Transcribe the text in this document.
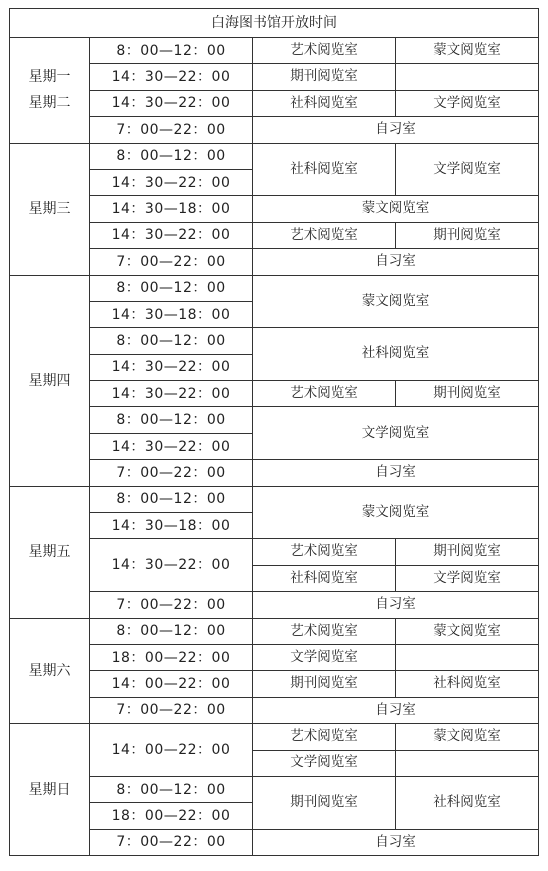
白海图书馆开放时间			

星期一
星期二	8：00—12：00	艺术阅览室	蒙文阅览室
	14：30—22：00	期刊阅览室	
	14：30—22：00	社科阅览室	文学阅览室
	7：00—22：00	自习室	
星期三	8：00—12：00	社科阅览室	文学阅览室
	14：30—22：00		
	14：30—18：00	蒙文阅览室	
	14：30—22：00	艺术阅览室	期刊阅览室
	7：00—22：00	自习室	
星期四	8：00—12：00	蒙文阅览室	
	14：30—18：00		
	8：00—12：00	社科阅览室	
	14：30—22：00		
	14：30—22：00	艺术阅览室	期刊阅览室
	8：00—12：00	文学阅览室	
	14：30—22：00		
	7：00—22：00	自习室	
星期五	8：00—12：00	蒙文阅览室	
	14：30—18：00		
	14：30—22：00	艺术阅览室	期刊阅览室
		社科阅览室	文学阅览室
	7：00—22：00	自习室	
星期六	8：00—12：00	艺术阅览室	蒙文阅览室
	18：00—22：00	文学阅览室	
	14：00—22：00	期刊阅览室	社科阅览室
	7：00—22：00	自习室	
星期日	14：00—22：00	艺术阅览室	蒙文阅览室
		文学阅览室	
	8：00—12：00	期刊阅览室	社科阅览室
	18：00—22：00		
	7：00—22：00	自习室	
